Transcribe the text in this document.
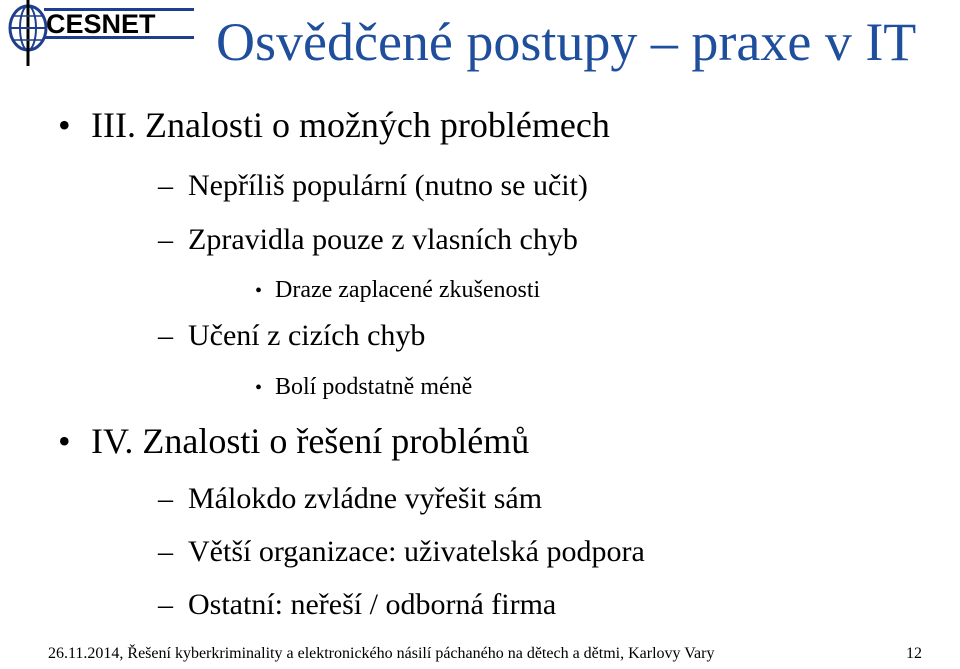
CESNET Osvědčené postupy – praxe v IT
• III. Znalosti o možných problémech
– Nepříliš populární (nutno se učit)
– Zpravidla pouze z vlasních chyb
• Draze zaplacené zkušenosti
– Učení z cizích chyb
• Bolí podstatně méně
• IV. Znalosti o řešení problémů
– Málokdo zvládne vyřešit sám
– Větší organizace: uživatelská podpora
– Ostatní: neřeší / odborná firma
26.11.2014, Řešení kyberkriminality a elektronického násilí páchaného na dětech a dětmi, Karlovy Vary	12
